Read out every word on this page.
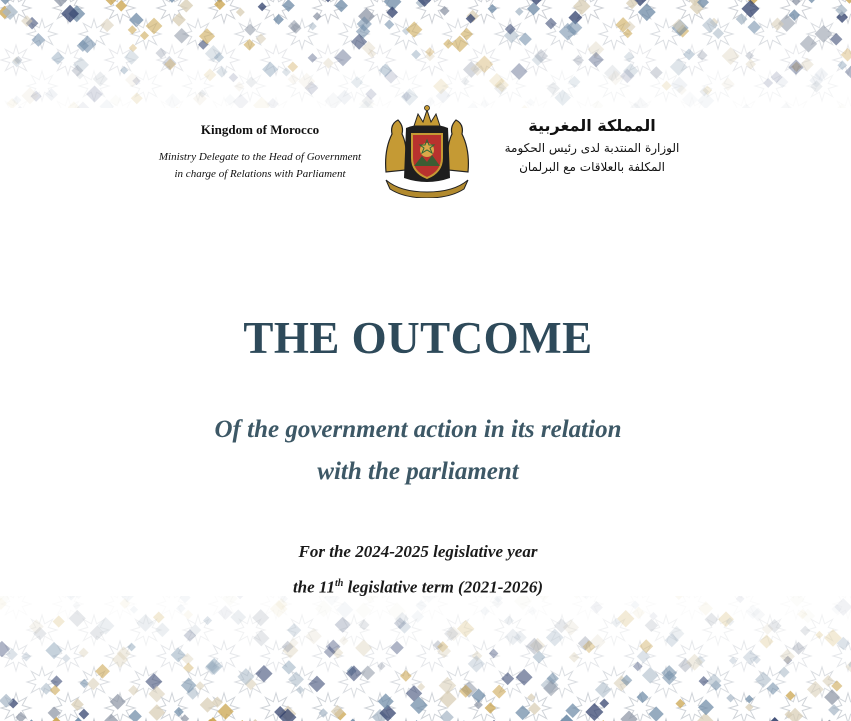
Kingdom of Morocco
Ministry Delegate to the Head of Government
in charge of Relations with Parliament
المملكة المغربية
الوزارة المنتدبة لدى رئيس الحكومة
المكلفة بالعلاقات مع البرلمان
THE OUTCOME
Of the government action in its relation
with the parliament
For the 2024-2025 legislative year
the 11th legislative term (2021-2026)
